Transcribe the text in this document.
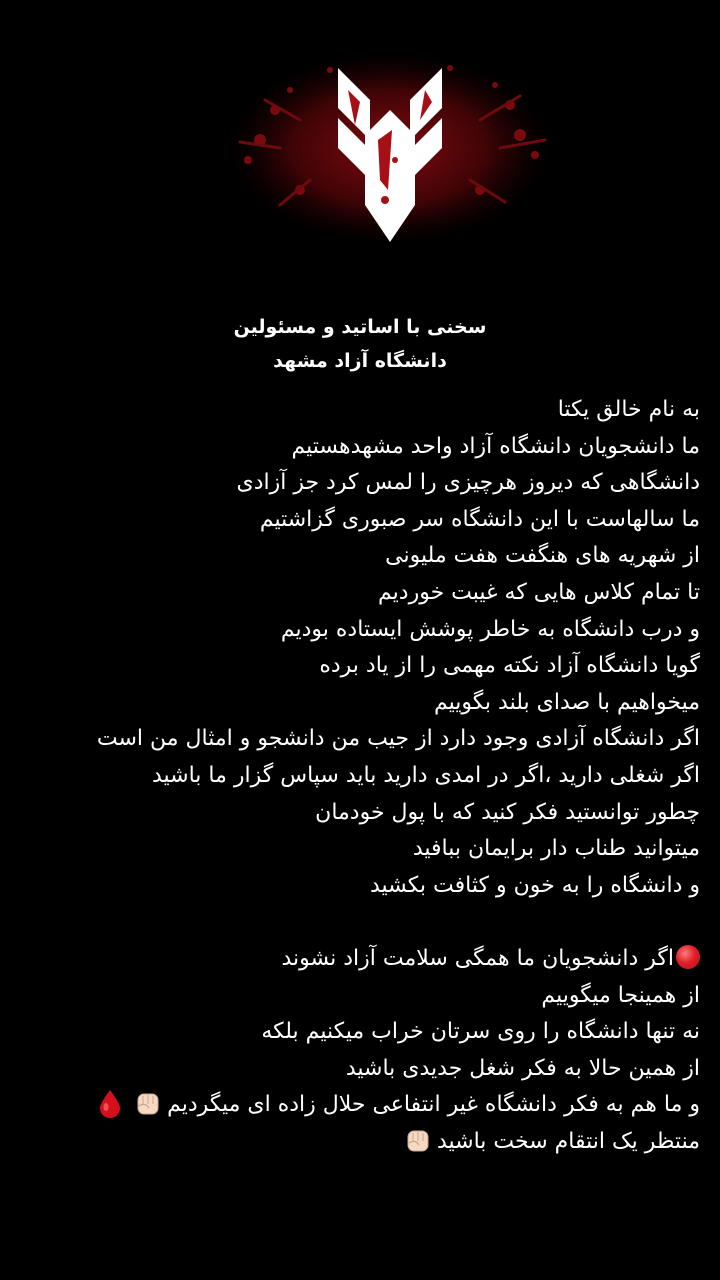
سخنی با اساتید و مسئولین
دانشگاه آزاد مشهد
به نام خالق یکتا
ما دانشجویان دانشگاه آزاد واحد مشهدهستیم
دانشگاهی که دیروز هرچیزی را لمس کرد جز آزادی
ما سالهاست با این دانشگاه سر صبوری گزاشتیم
از شهریه های هنگفت هفت ملیونی
تا تمام کلاس هایی که غیبت خوردیم
و درب دانشگاه به خاطر پوشش ایستاده بودیم
گویا دانشگاه آزاد نکته مهمی را از یاد برده
میخواهیم با صدای بلند بگوییم
اگر دانشگاه آزادی وجود دارد از جیب من دانشجو و امثال من است
اگر شغلی دارید ،اگر در امدی دارید باید سپاس گزار ما باشید
چطور توانستید فکر کنید که با پول خودمان
میتوانید طناب دار برایمان ببافید
و دانشگاه را به خون و کثافت بکشید
اگر دانشجویان ما همگی سلامت آزاد نشوند
از همینجا میگوییم
نه تنها دانشگاه را روی سرتان خراب میکنیم بلکه
از همین حالا به فکر شغل جدیدی باشید
و ما هم به فکر دانشگاه غیر انتفاعی حلال زاده ای میگردیم
منتظر یک انتقام سخت باشید
